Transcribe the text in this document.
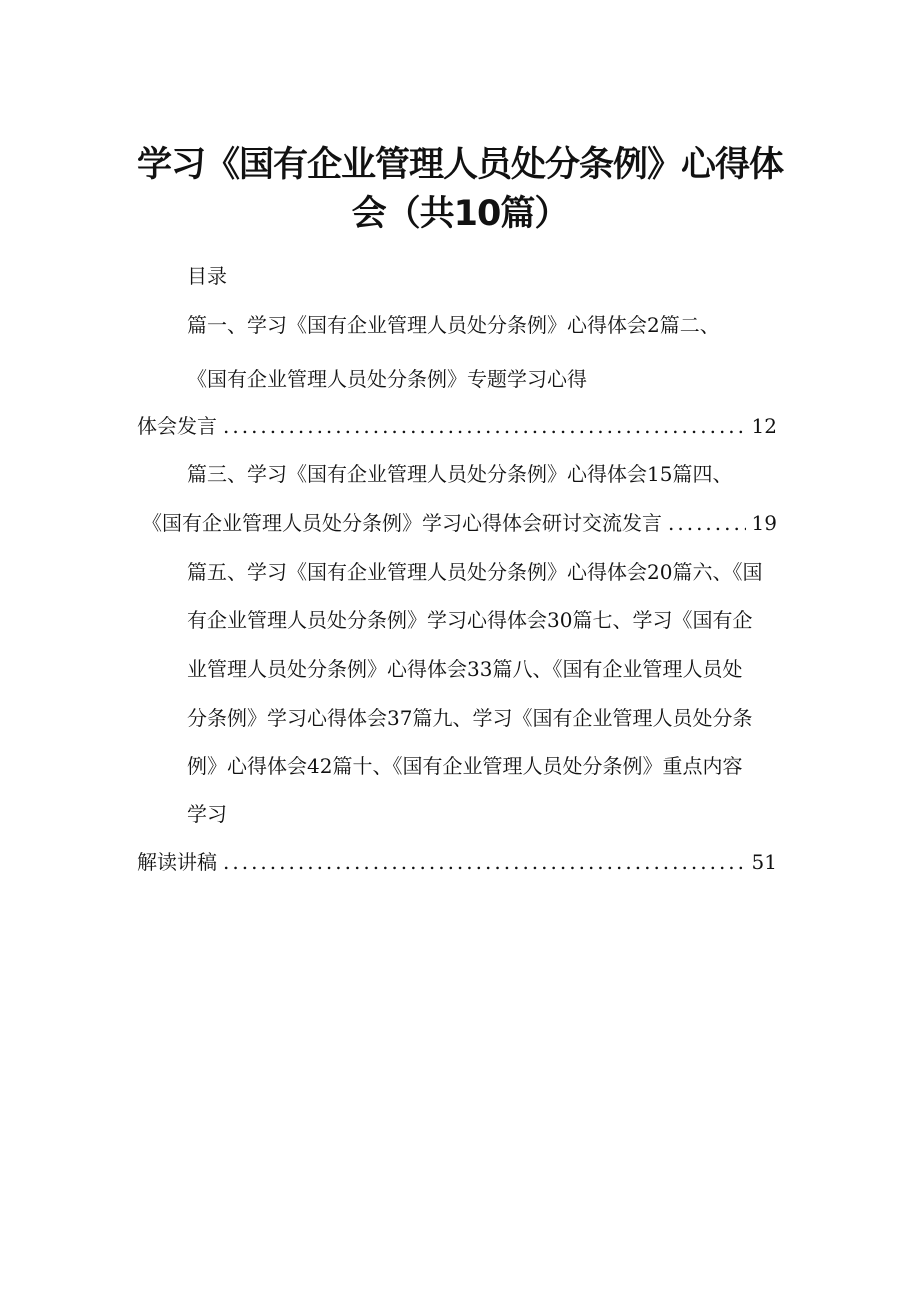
学习《国有企业管理人员处分条例》心得体
会（共10篇）
目录
篇一、学习《国有企业管理人员处分条例》心得体会2篇二、
《国有企业管理人员处分条例》专题学习心得
体会发言 .....	12
篇三、学习《国有企业管理人员处分条例》心得体会15篇四、
《国有企业管理人员处分条例》学习心得体会研讨交流发言 .....	19
篇五、学习《国有企业管理人员处分条例》心得体会20篇六、《国
有企业管理人员处分条例》学习心得体会30篇七、学习《国有企
业管理人员处分条例》心得体会33篇八、《国有企业管理人员处
分条例》学习心得体会37篇九、学习《国有企业管理人员处分条
例》心得体会42篇十、《国有企业管理人员处分条例》重点内容
学习
解读讲稿 .....	51
